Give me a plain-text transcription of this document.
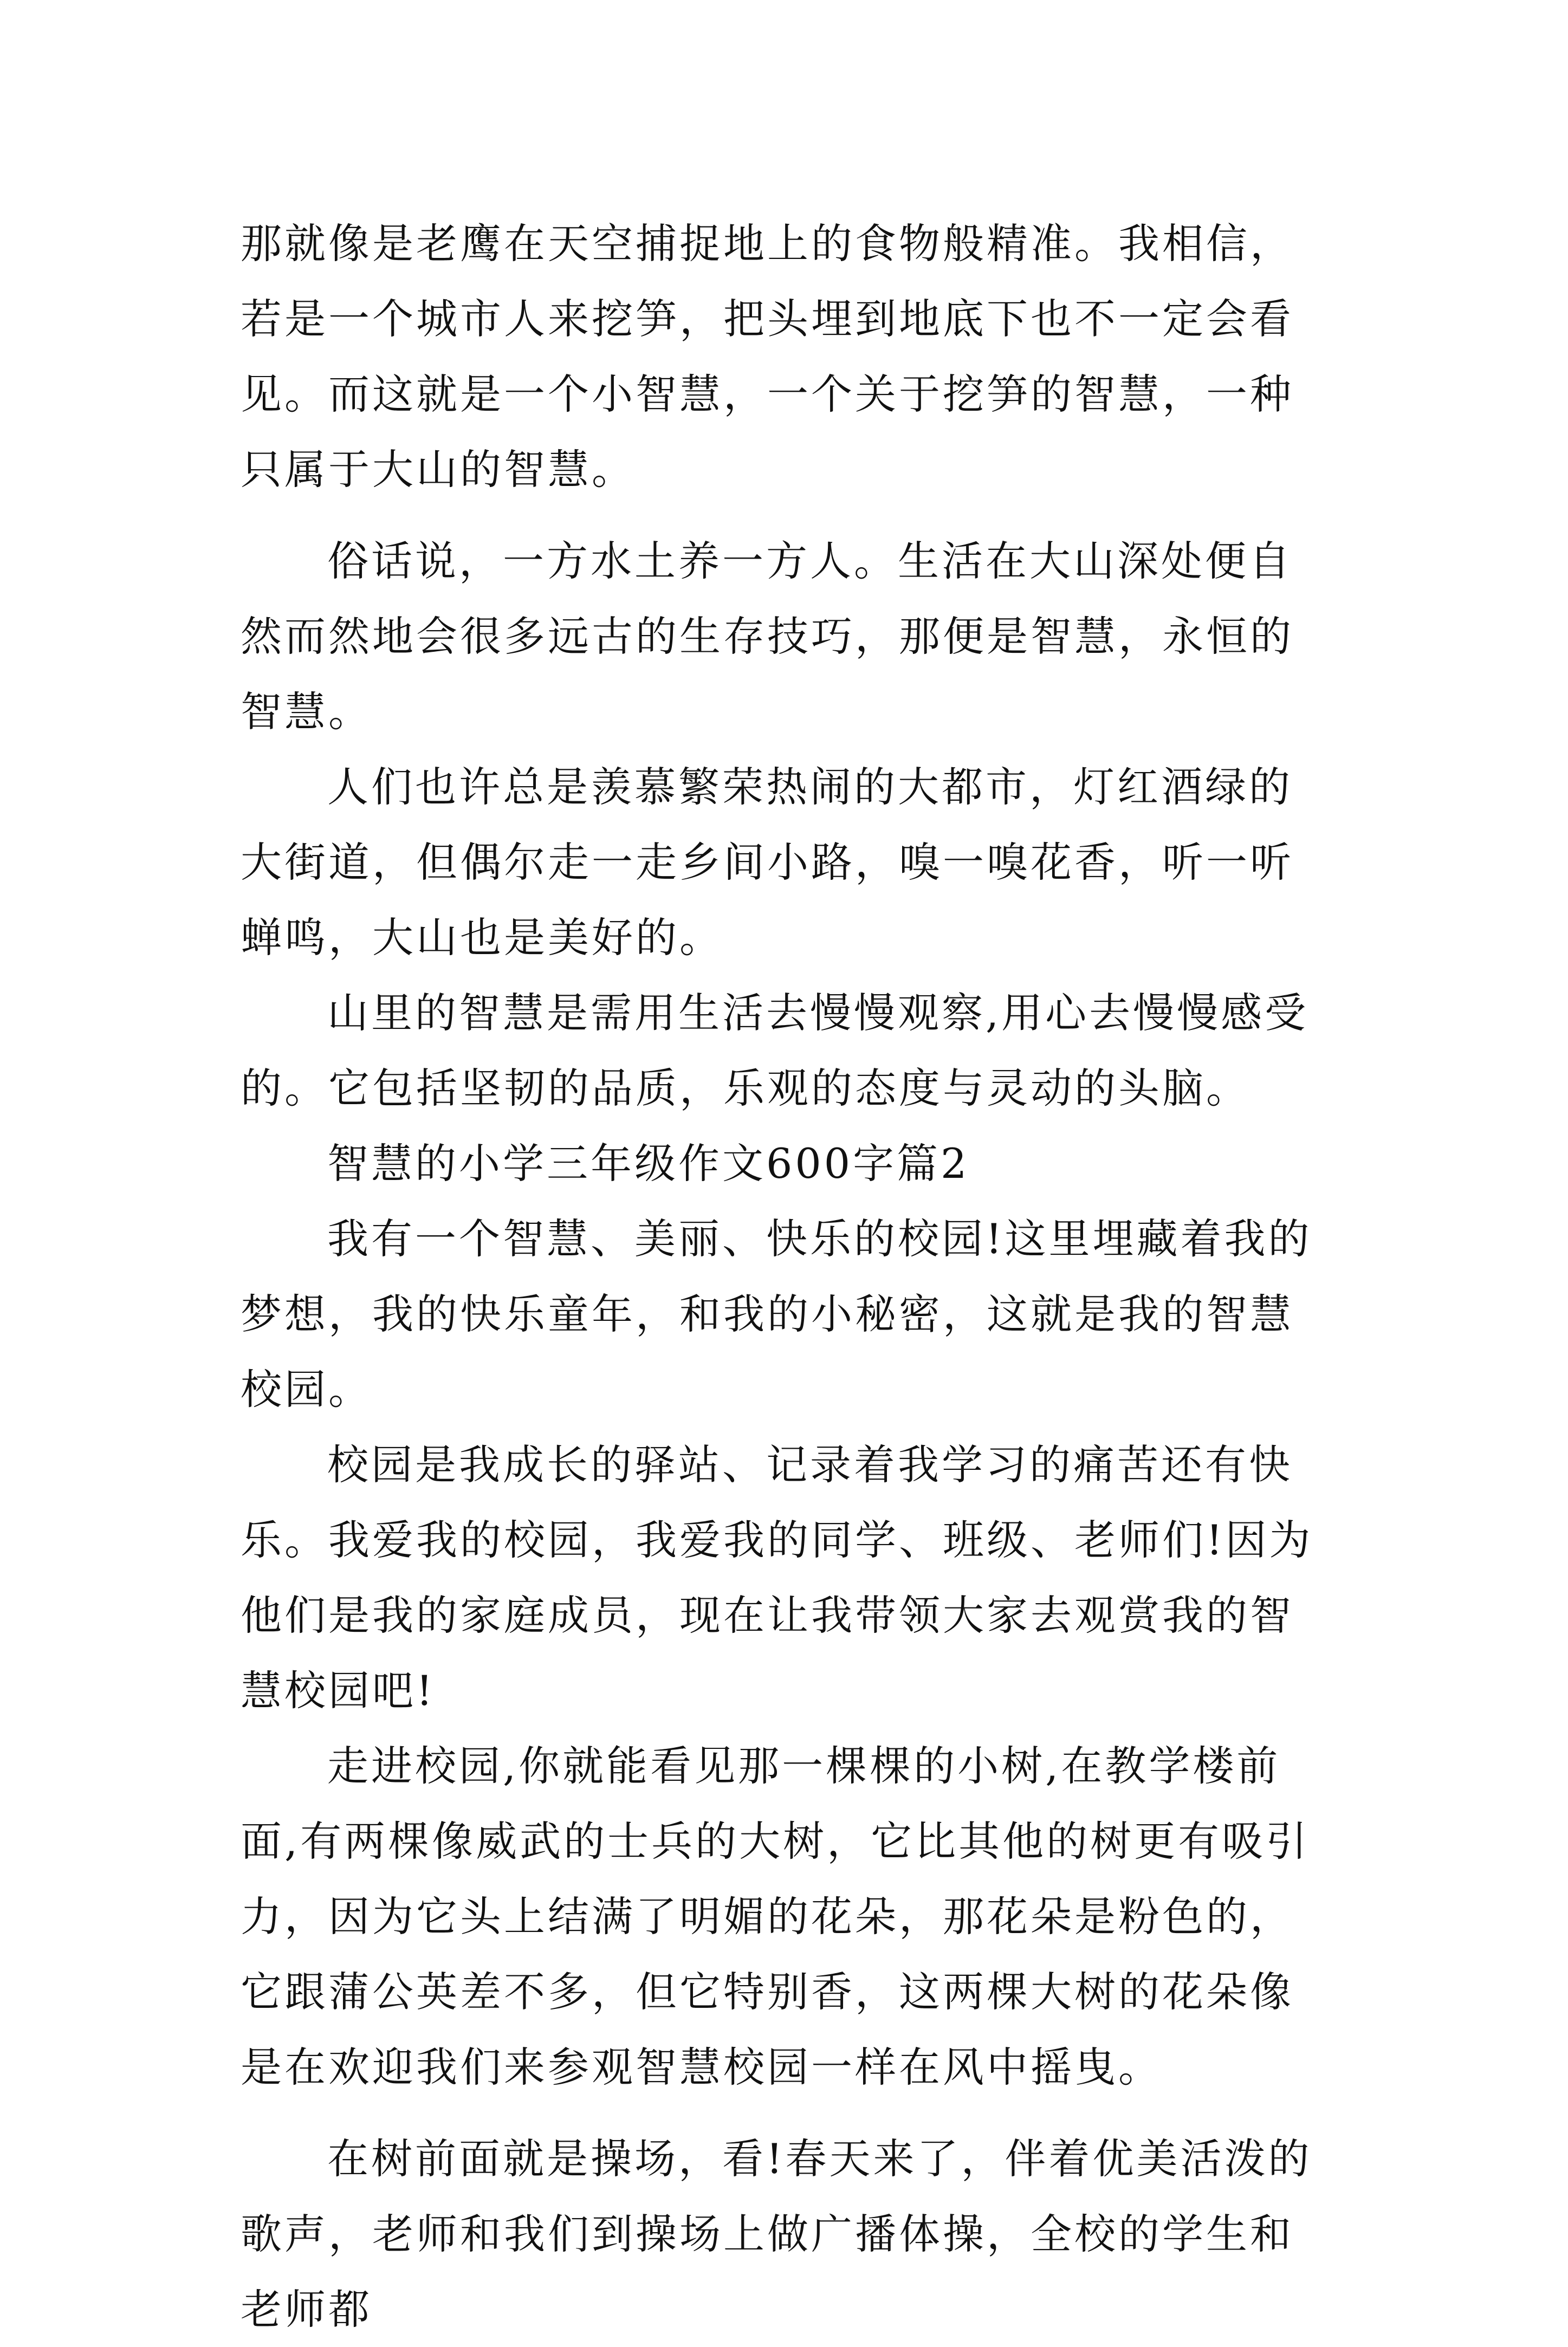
那就像是老鹰在天空捕捉地上的食物般精准。我相信，若是一个城市人来挖笋，把头埋到地底下也不一定会看见。而这就是一个小智慧，一个关于挖笋的智慧，一种只属于大山的智慧。

俗话说，一方水土养一方人。生活在大山深处便自然而然地会很多远古的生存技巧，那便是智慧，永恒的智慧。

人们也许总是羡慕繁荣热闹的大都市，灯红酒绿的大街道，但偶尔走一走乡间小路，嗅一嗅花香，听一听蝉鸣，大山也是美好的。

山里的智慧是需用生活去慢慢观察,用心去慢慢感受的。它包括坚韧的品质，乐观的态度与灵动的头脑。

智慧的小学三年级作文600字篇2

我有一个智慧、美丽、快乐的校园!这里埋藏着我的梦想，我的快乐童年，和我的小秘密，这就是我的智慧校园。

校园是我成长的驿站、记录着我学习的痛苦还有快乐。我爱我的校园，我爱我的同学、班级、老师们!因为他们是我的家庭成员，现在让我带领大家去观赏我的智慧校园吧!

走进校园,你就能看见那一棵棵的小树,在教学楼前面,有两棵像威武的士兵的大树，它比其他的树更有吸引力，因为它头上结满了明媚的花朵，那花朵是粉色的，它跟蒲公英差不多，但它特别香，这两棵大树的花朵像是在欢迎我们来参观智慧校园一样在风中摇曳。

在树前面就是操场，看!春天来了，伴着优美活泼的歌声，老师和我们到操场上做广播体操，全校的学生和老师都
